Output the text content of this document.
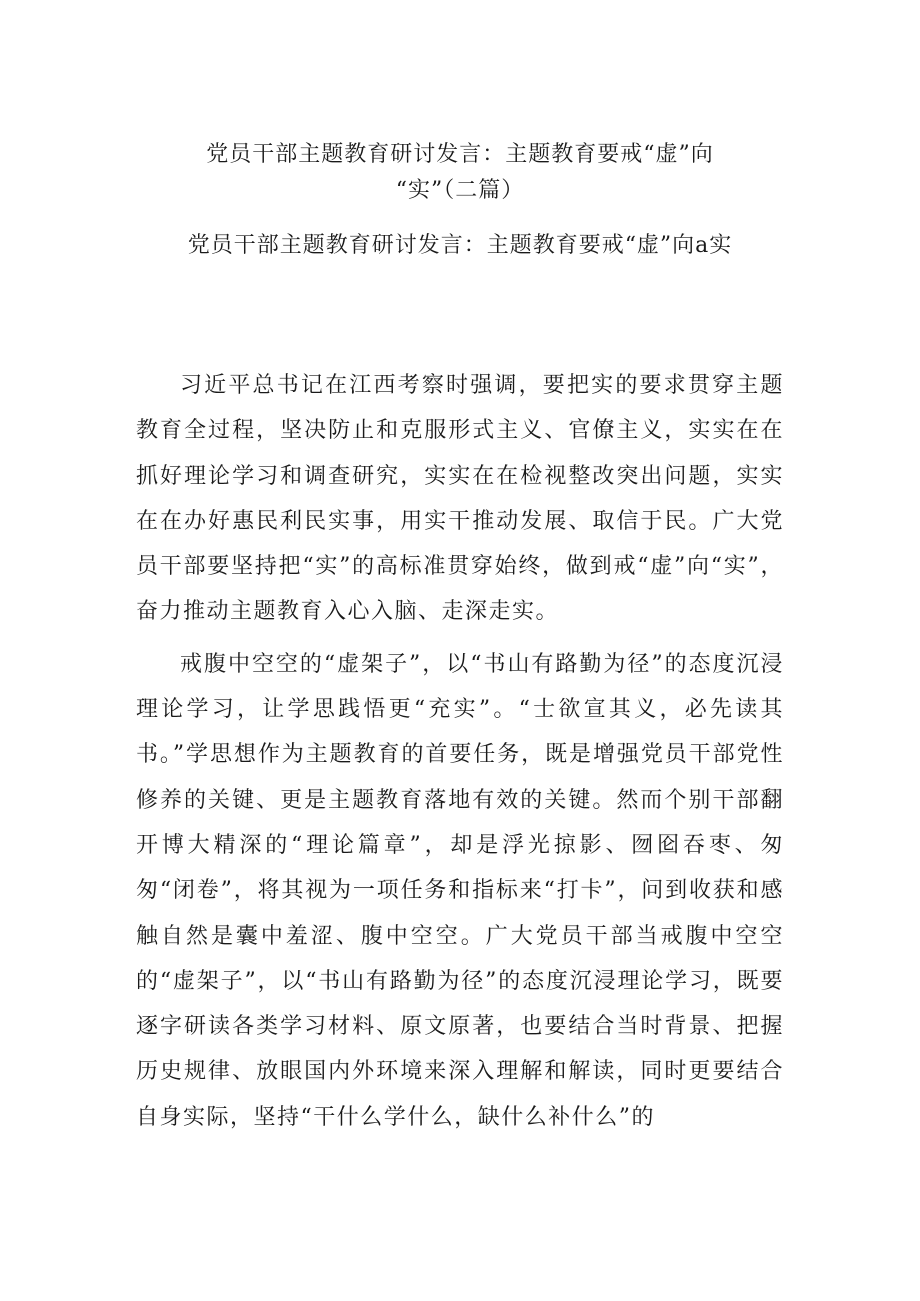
党员干部主题教育研讨发言：主题教育要戒“虚”向
“实”（二篇）
党员干部主题教育研讨发言：主题教育要戒“虚”向a实

习近平总书记在江西考察时强调，要把实的要求贯穿主题教育全过程，坚决防止和克服形式主义、官僚主义，实实在在抓好理论学习和调查研究，实实在在检视整改突出问题，实实在在办好惠民利民实事，用实干推动发展、取信于民。广大党员干部要坚持把“实”的高标准贯穿始终，做到戒“虚”向“实”，奋力推动主题教育入心入脑、走深走实。

戒腹中空空的“虚架子”，以“书山有路勤为径”的态度沉浸理论学习，让学思践悟更“充实”。“士欲宣其义，必先读其书。”学思想作为主题教育的首要任务，既是增强党员干部党性修养的关键、更是主题教育落地有效的关键。然而个别干部翻开博大精深的“理论篇章”，却是浮光掠影、囫囵吞枣、匆匆“闭卷”，将其视为一项任务和指标来“打卡”，问到收获和感触自然是囊中羞涩、腹中空空。广大党员干部当戒腹中空空的“虚架子”，以“书山有路勤为径”的态度沉浸理论学习，既要逐字研读各类学习材料、原文原著，也要结合当时背景、把握历史规律、放眼国内外环境来深入理解和解读，同时更要结合自身实际，坚持“干什么学什么，缺什么补什么”的
